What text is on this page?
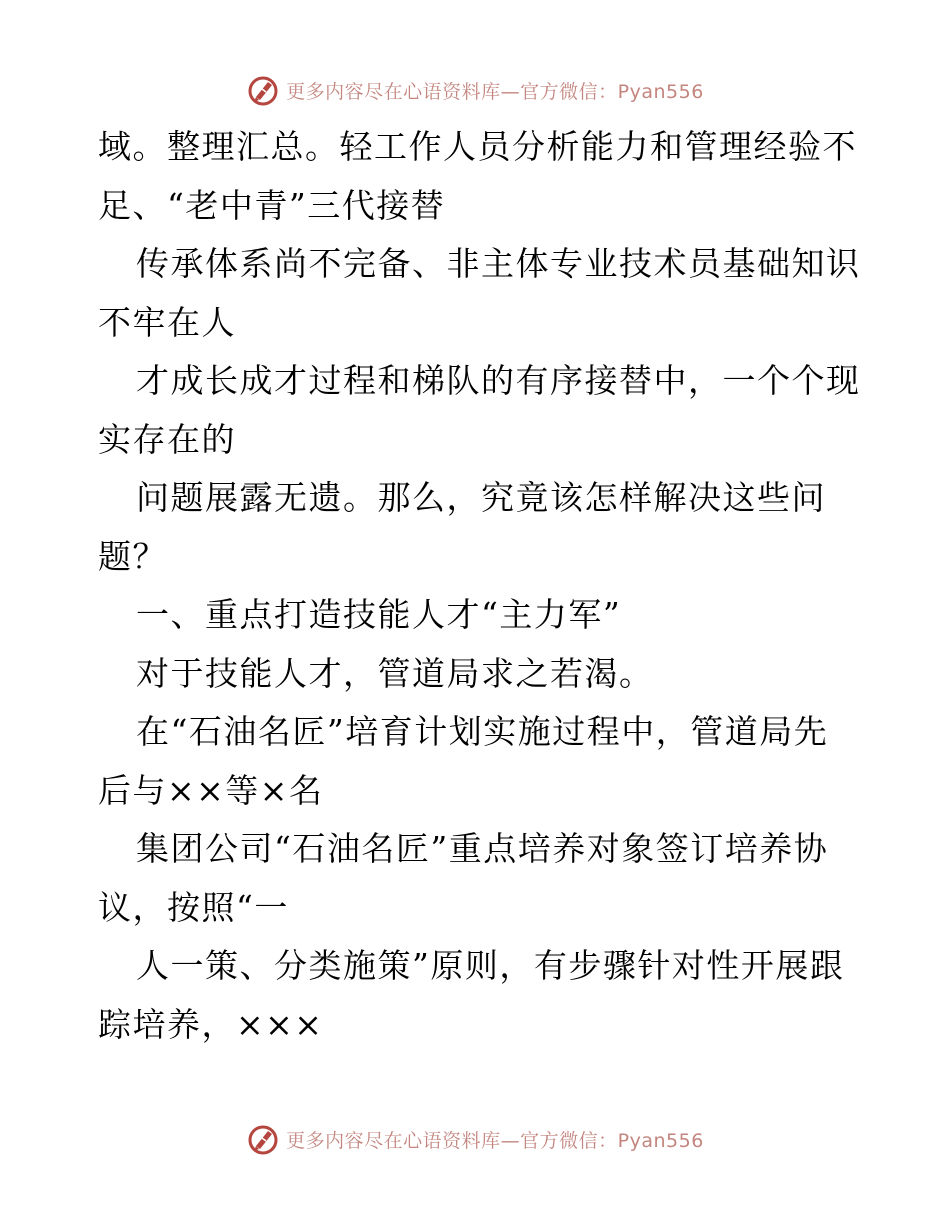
更多内容尽在心语资料库—官方微信：Pyan556
域。整理汇总。轻工作人员分析能力和管理经验不
足、“老中青”三代接替
传承体系尚不完备、非主体专业技术员基础知识
不牢在人
才成长成才过程和梯队的有序接替中，一个个现
实存在的
问题展露无遗。那么，究竟该怎样解决这些问
题？
一、重点打造技能人才“主力军”
对于技能人才，管道局求之若渴。
在“石油名匠”培育计划实施过程中，管道局先
后与××等×名
集团公司“石油名匠”重点培养对象签订培养协
议，按照“一
人一策、分类施策”原则，有步骤针对性开展跟
踪培养，×××
更多内容尽在心语资料库—官方微信：Pyan556
